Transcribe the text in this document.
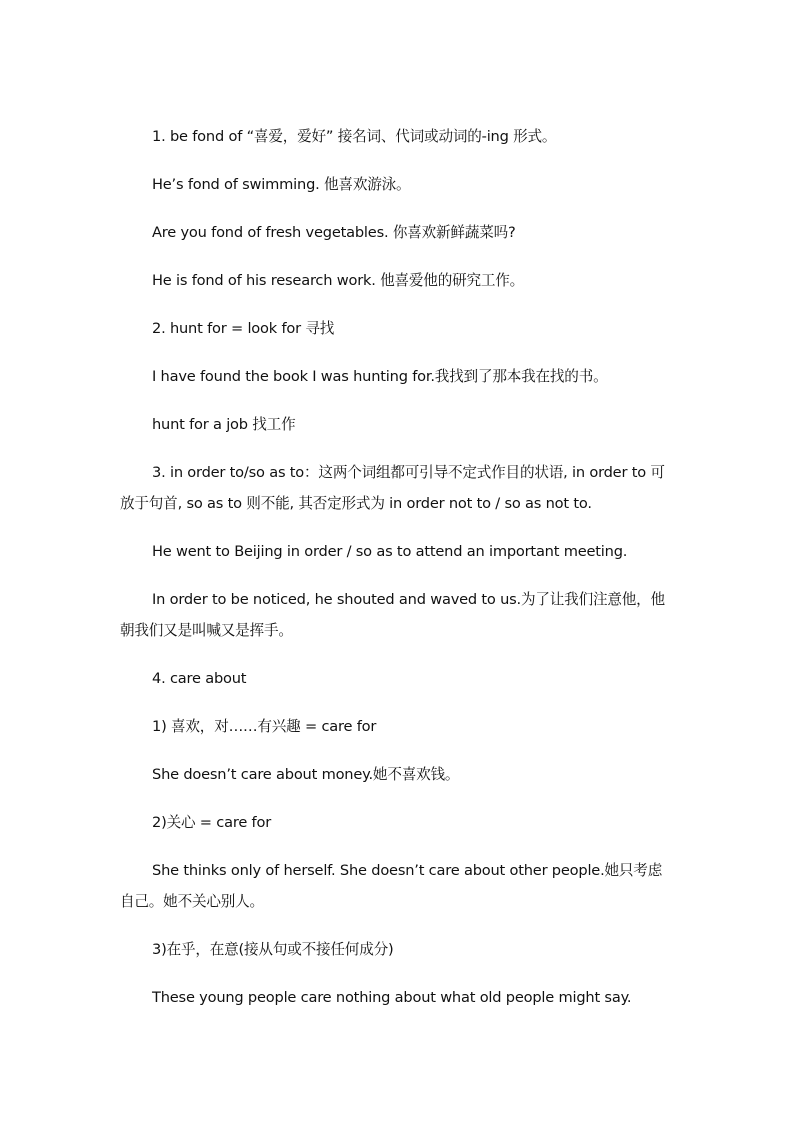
1. be fond of “喜爱，爱好” 接名词、代词或动词的-ing 形式。

He’s fond of swimming. 他喜欢游泳。

Are you fond of fresh vegetables. 你喜欢新鲜蔬菜吗?

He is fond of his research work. 他喜爱他的研究工作。

2. hunt for = look for 寻找

I have found the book I was hunting for.我找到了那本我在找的书。

hunt for a job 找工作

3. in order to/so as to：这两个词组都可引导不定式作目的状语, in order to 可放于句首, so as to 则不能, 其否定形式为 in order not to / so as not to.

He went to Beijing in order / so as to attend an important meeting.

In order to be noticed, he shouted and waved to us.为了让我们注意他，他朝我们又是叫喊又是挥手。

4. care about

1) 喜欢，对……有兴趣 = care for

She doesn’t care about money.她不喜欢钱。

2)关心 = care for

She thinks only of herself. She doesn’t care about other people.她只考虑自己。她不关心别人。

3)在乎，在意(接从句或不接任何成分)

These young people care nothing about what old people might say.
